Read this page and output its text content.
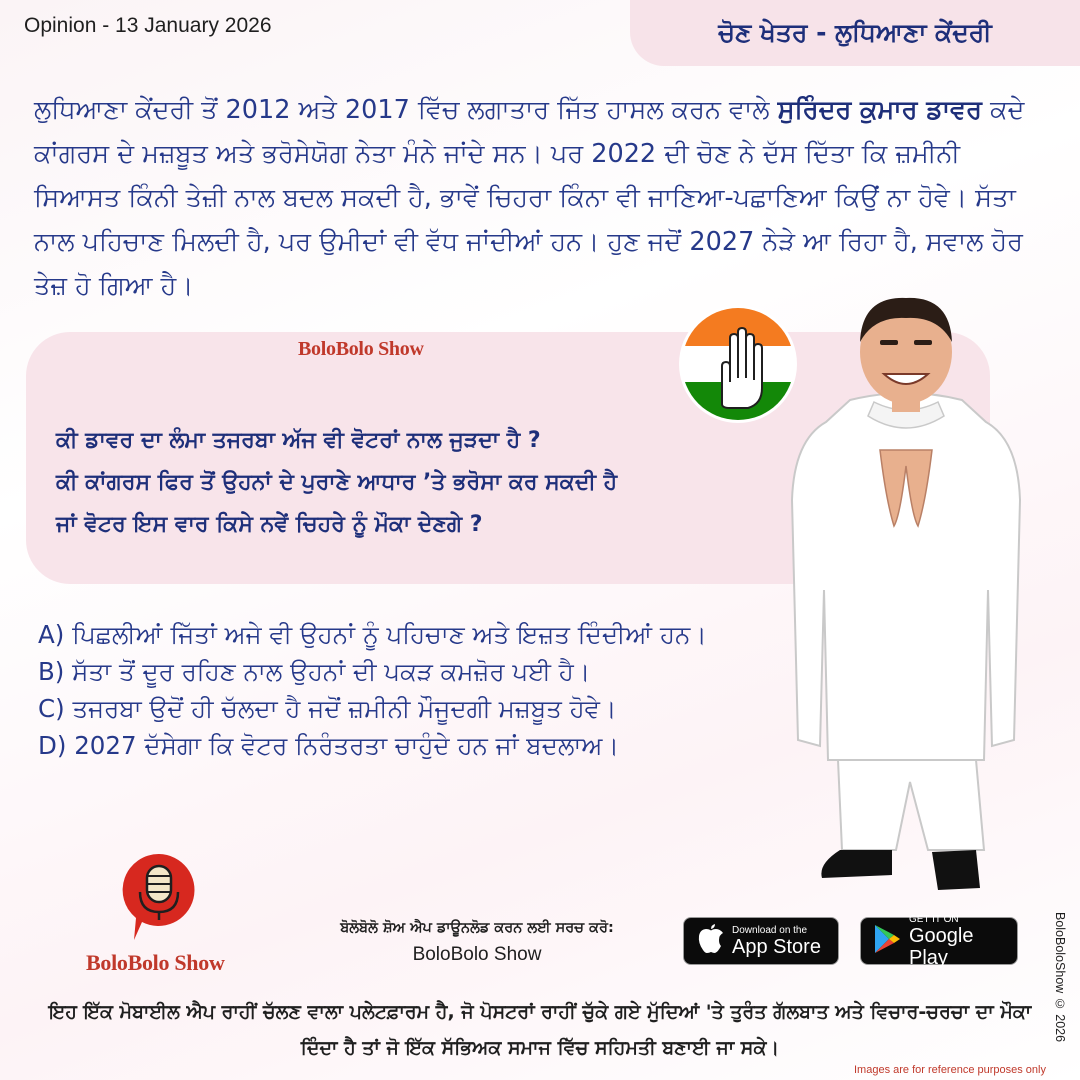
Opinion - 13 January 2026	ਚੋਣ ਖੇਤਰ - ਲੁਧਿਆਣਾ ਕੇਂਦਰੀ
ਲੁਧਿਆਣਾ ਕੇਂਦਰੀ ਤੋਂ 2012 ਅਤੇ 2017 ਵਿੱਚ ਲਗਾਤਾਰ ਜਿੱਤ ਹਾਸਲ ਕਰਨ ਵਾਲੇ ਸੁਰਿੰਦਰ ਕੁਮਾਰ ਡਾਵਰ ਕਦੇ ਕਾਂਗਰਸ ਦੇ ਮਜ਼ਬੂਤ ਅਤੇ ਭਰੋਸੇਯੋਗ ਨੇਤਾ ਮੰਨੇ ਜਾਂਦੇ ਸਨ। ਪਰ 2022 ਦੀ ਚੋਣ ਨੇ ਦੱਸ ਦਿੱਤਾ ਕਿ ਜ਼ਮੀਨੀ ਸਿਆਸਤ ਕਿੰਨੀ ਤੇਜ਼ੀ ਨਾਲ ਬਦਲ ਸਕਦੀ ਹੈ, ਭਾਵੇਂ ਚਿਹਰਾ ਕਿੰਨਾ ਵੀ ਜਾਣਿਆ-ਪਛਾਣਿਆ ਕਿਉਂ ਨਾ ਹੋਵੇ। ਸੱਤਾ ਨਾਲ ਪਹਿਚਾਣ ਮਿਲਦੀ ਹੈ, ਪਰ ਉਮੀਦਾਂ ਵੀ ਵੱਧ ਜਾਂਦੀਆਂ ਹਨ। ਹੁਣ ਜਦੋਂ 2027 ਨੇੜੇ ਆ ਰਿਹਾ ਹੈ, ਸਵਾਲ ਹੋਰ ਤੇਜ਼ ਹੋ ਗਿਆ ਹੈ।
BoloBolo Show
ਕੀ ਡਾਵਰ ਦਾ ਲੰਮਾ ਤਜਰਬਾ ਅੱਜ ਵੀ ਵੋਟਰਾਂ ਨਾਲ ਜੁੜਦਾ ਹੈ ?
ਕੀ ਕਾਂਗਰਸ ਫਿਰ ਤੋਂ ਉਹਨਾਂ ਦੇ ਪੁਰਾਣੇ ਆਧਾਰ ’ਤੇ ਭਰੋਸਾ ਕਰ ਸਕਦੀ ਹੈ
ਜਾਂ ਵੋਟਰ ਇਸ ਵਾਰ ਕਿਸੇ ਨਵੇਂ ਚਿਹਰੇ ਨੂੰ ਮੌਕਾ ਦੇਣਗੇ ?
A) ਪਿਛਲੀਆਂ ਜਿੱਤਾਂ ਅਜੇ ਵੀ ਉਹਨਾਂ ਨੂੰ ਪਹਿਚਾਣ ਅਤੇ ਇਜ਼ਤ ਦਿੰਦੀਆਂ ਹਨ।
B) ਸੱਤਾ ਤੋਂ ਦੂਰ ਰਹਿਣ ਨਾਲ ਉਹਨਾਂ ਦੀ ਪਕੜ ਕਮਜ਼ੋਰ ਪਈ ਹੈ।
C) ਤਜਰਬਾ ਉਦੋਂ ਹੀ ਚੱਲਦਾ ਹੈ ਜਦੋਂ ਜ਼ਮੀਨੀ ਮੌਜੂਦਗੀ ਮਜ਼ਬੂਤ ਹੋਵੇ।
D) 2027 ਦੱਸੇਗਾ ਕਿ ਵੋਟਰ ਨਿਰੰਤਰਤਾ ਚਾਹੁੰਦੇ ਹਨ ਜਾਂ ਬਦਲਾਅ।
BoloBolo Show
ਬੋਲੋਬੋਲੋ ਸ਼ੋਅ ਐਪ ਡਾਊਨਲੋਡ ਕਰਨ ਲਈ ਸਰਚ ਕਰੋ:
BoloBolo Show
Download on the
App Store
GET IT ON
Google Play
ਇਹ ਇੱਕ ਮੋਬਾਈਲ ਐਪ ਰਾਹੀਂ ਚੱਲਣ ਵਾਲਾ ਪਲੇਟਫ਼ਾਰਮ ਹੈ, ਜੋ ਪੋਸਟਰਾਂ ਰਾਹੀਂ ਚੁੱਕੇ ਗਏ ਮੁੱਦਿਆਂ 'ਤੇ ਤੁਰੰਤ ਗੱਲਬਾਤ ਅਤੇ ਵਿਚਾਰ-ਚਰਚਾ ਦਾ ਮੌਕਾ ਦਿੰਦਾ ਹੈ ਤਾਂ ਜੋ ਇੱਕ ਸੱਭਿਅਕ ਸਮਾਜ ਵਿੱਚ ਸਹਿਮਤੀ ਬਣਾਈ ਜਾ ਸਕੇ।
BoloBoloShow © 2026
Images are for reference purposes only
